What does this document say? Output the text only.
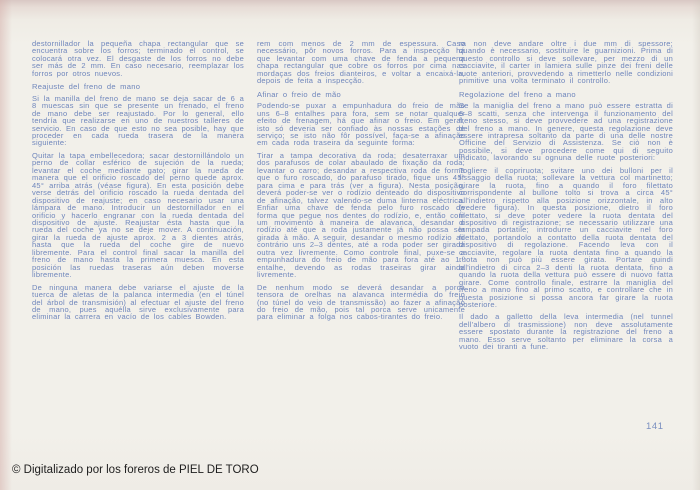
destornillador la pequeña chapa rectangular que se encuentra sobre los forros; terminado el control, se colocará otra vez. El desgaste de los forros no debe ser más de 2 mm. En caso necesario, reemplazar los forros por otros nuevos.

Reajuste del freno de mano

Si la manilla del freno de mano se deja sacar de 6 a 8 muescas sin que se presente un frenado, el freno de mano debe ser reajustado. Por lo general, ello tendría que realizarse en uno de nuestros talleres de servicio. En caso de que esto no sea posible, hay que proceder en cada rueda trasera de la manera siguiente:

Quitar la tapa embellecedora; sacar destornillándolo un perno de collar esférico de sujeción de la rueda; levantar el coche mediante gato; girar la rueda de manera que el orificio roscado del perno quede aprox. 45° arriba atrás (véase figura). En esta posición debe verse detrás del orificio roscado la rueda dentada del dispositivo de reajuste; en caso necesario usar una lámpara de mano. Introducir un destornillador en el orificio y hacerlo engranar con la rueda dentada del dispositivo de ajuste. Reajustar ésta hasta que la rueda del coche ya no se deje mover. A continuación, girar la rueda de ajuste aprox. 2 a 3 dientes atrás, hasta que la rueda del coche gire de nuevo libremente. Para el control final sacar la manilla del freno de mano hasta la primera muesca. En esta posición las ruedas traseras aún deben moverse libremente.

De ninguna manera debe variarse el ajuste de la tuerca de aletas de la palanca intermedia (en el túnel del árbol de transmisión) al efectuar el ajuste del freno de mano, pues aquélla sirve exclusivamente para eliminar la carrera en vacío de los cables Bowden.

rem com menos de 2 mm de espessura. Caso necessário, pôr novos forros. Para a inspecção há que levantar com uma chave de fenda a pequena chapa rectangular que cobre os forros por cima nas mordaças dos freios dianteiros, e voltar a encaixá-la, depois de feita a inspecção.

Afinar o freio de mão

Podendo-se puxar a empunhadura do freio de mão uns 6–8 entalhes para fora, sem se notar qualquer efeito de frenagem, há que afinar o freio. Em geral, isto só deveria ser confiado às nossas estações de serviço; se isto não fôr possível, faça-se a afinação em cada roda traseira da seguinte forma:

Tirar a tampa decorativa da roda; desaterraxar um dos parafusos de colar abaulado de fixação da roda; levantar o carro; desandar a respectiva roda de forma que o furo roscado, do parafuso tirado, fique uns 45° para cima e para trás (ver a figura). Nesta posição, deverá poder-se ver o rodízio denteado do dispositivo de afinação, talvez valendo-se duma linterna eléctrica. Enfiar uma chave de fenda pelo furo roscado de forma que pegue nos dentes do rodízio, e, então com um movimento à maneira de alavanca, desandar o rodízio até que a roda justamente já não possa ser girada à mão. A seguir, desandar o mesmo rodízio ao contrário uns 2–3 dentes, até a roda poder ser girada outra vez livremente. Como controle final, puxe-se a empunhadura do freio de mão para fora até ao 1.º entalhe, devendo as rodas traseiras girar ainda livremente.

De nenhum modo se deverá desandar a porca tensora de orelhas na alavanca intermédia do freio (no túnel do veio de transmissão) ao fazer a afinação do freio de mão, pois tal porca serve unicamente para eliminar a folga nos cabos-tirantes do freio.

ra non deve andare oltre i due mm di spessore; quando è necessario, sostituire le guarnizioni. Prima di questo controllo si deve sollevare, per mezzo di un cacciavite, il carter in lamiera sulle pinze dei freni delle ruote anteriori, provvedendo a rimetterlo nelle condizioni primitive una volta terminato il controllo.

Regolazione del freno a mano

Se la maniglia del freno a mano può essere estratta di 6–8 scatti, senza che intervenga il funzionamento del freno stesso, si deve provvedere ad una registrazione del freno a mano. In genere, questa regolazione deve essere intrapresa soltanto da parte di una delle nostre Officine del Servizio di Assistenza. Se ciò non è possibile, si deve procedere come qui di seguito indicato, lavorando su ognuna delle ruote posteriori:

Togliere il copriruota; svitare uno dei bulloni per il fissaggio della ruota; sollevare la vettura col martinetto; girare la ruota, fino a quando il foro filettato corrispondente al bullone tolto si trova a circa 45° all'indietro rispetto alla posizione orizzontale, in alto (vedere figura). In questa posizione, dietro il foro filettato, si deve poter vedere la ruota dentata del dispositivo di registrazione; se necessario utilizzare una lampada portatile; introdurre un cacciavite nel foro filettato, portandolo a contatto della ruota dentata del dispositivo di regolazione. Facendo leva con il cacciavite, regolare la ruota dentata fino a quando la ruota non può più essere girata. Portare quindi all'indietro di circa 2–3 denti la ruota dentata, fino a quando la ruota della vettura può essere di nuovo fatta girare. Come controllo finale, estrarre la maniglia del freno a mano fino al primo scatto, e controllare che in questa posizione si possa ancora far girare la ruota posteriore.

Il dado a galletto della leva intermedia (nel tunnel dell'albero di trasmissione) non deve assolutamente essere spostato durante la registrazione del freno a mano. Esso serve soltanto per eliminare la corsa a vuoto dei tiranti a fune.

141
© Digitalizado por los foreros de PIEL DE TORO
